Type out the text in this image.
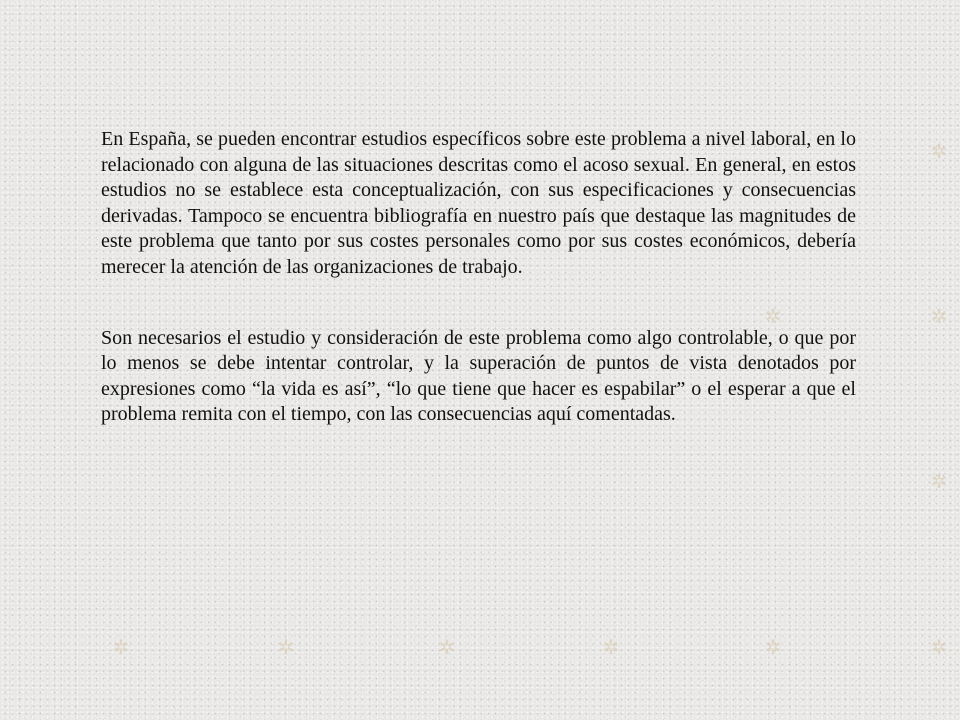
✲
✲
✲
✲
✲
✲	✲	✲	✲	✲

En España, se pueden encontrar estudios específicos sobre este problema a nivel laboral, en lo relacionado con alguna de las situaciones descritas como el acoso sexual. En general, en estos estudios no se establece esta conceptualización, con sus especificaciones y consecuencias derivadas. Tampoco se encuentra bibliografía en nuestro país que destaque las magnitudes de este problema que tanto por sus costes personales como por sus costes económicos, debería merecer la atención de las organizaciones de trabajo.

Son necesarios el estudio y consideración de este problema como algo controlable, o que por lo menos se debe intentar controlar, y la superación de puntos de vista denotados por expresiones como “la vida es así”, “lo que tiene que hacer es espabilar” o el esperar a que el problema remita con el tiempo, con las consecuencias aquí comentadas.
